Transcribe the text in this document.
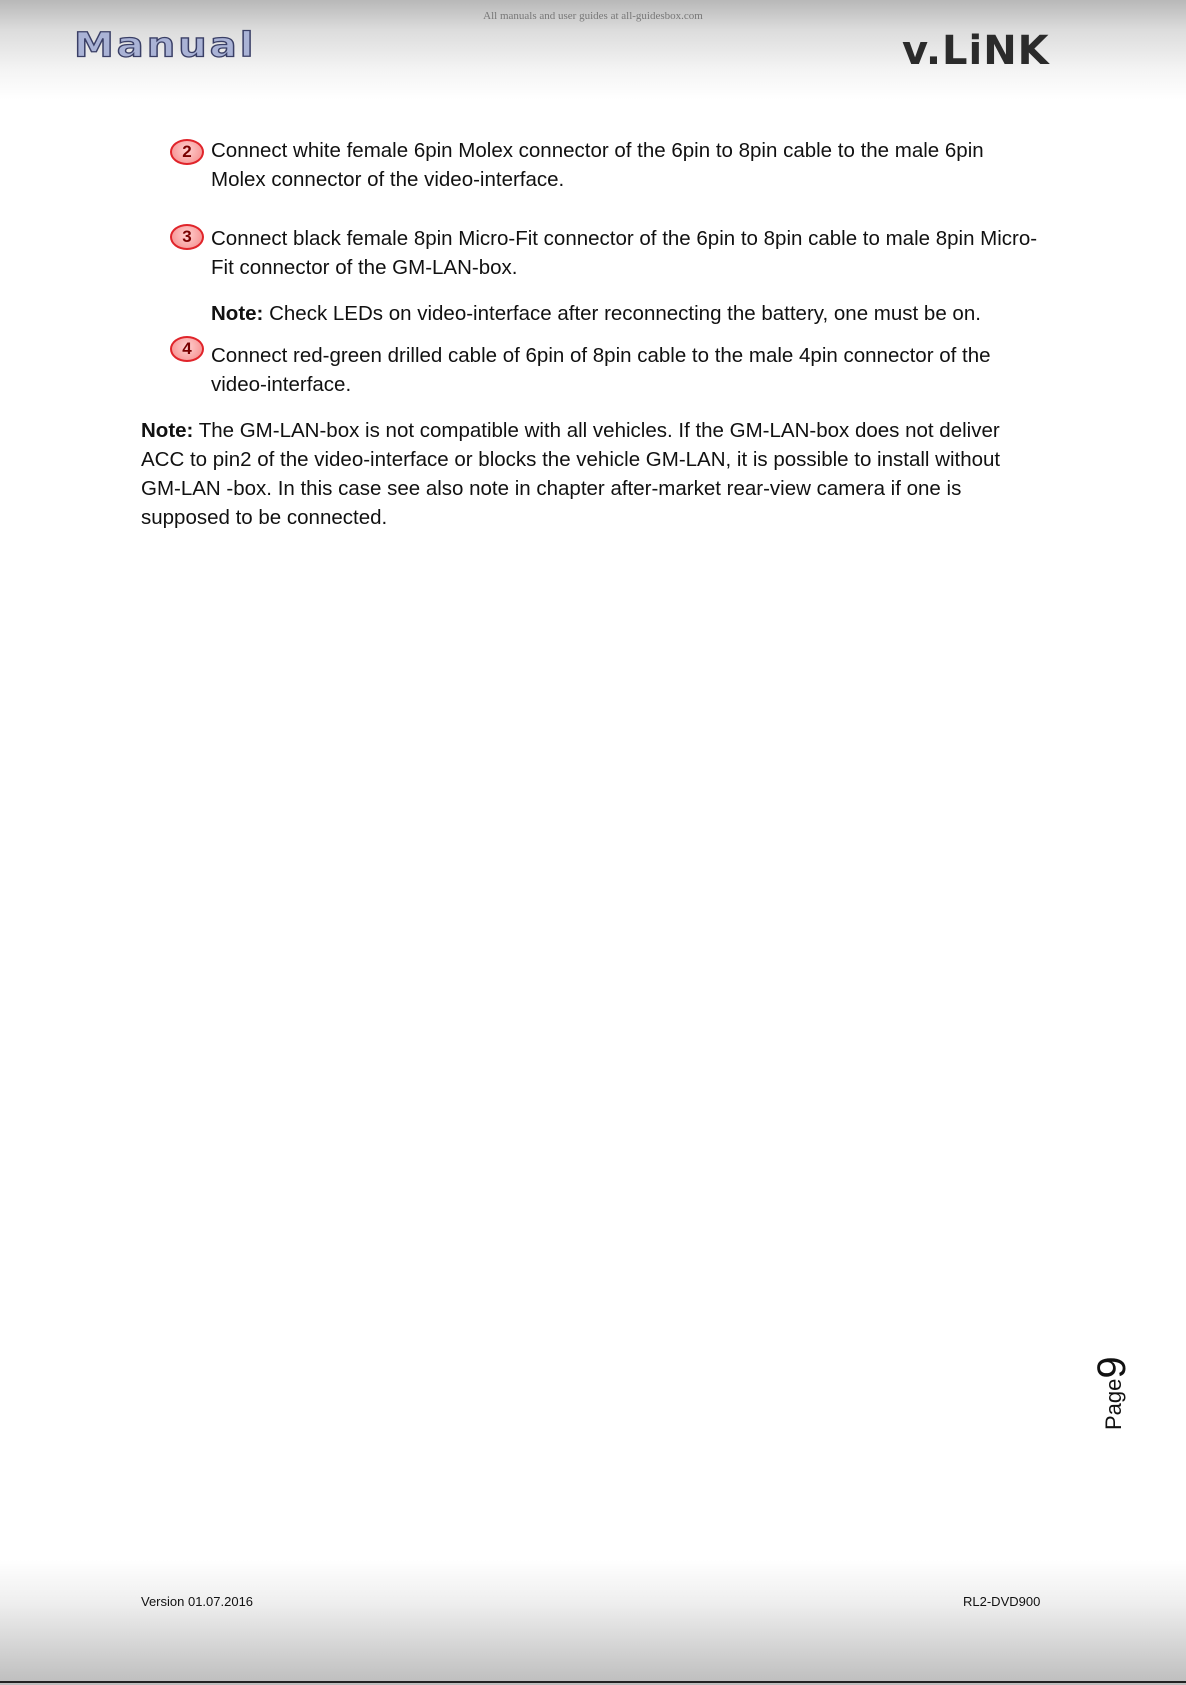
All manuals and user guides at all-guidesbox.com
Manual	v.LiNK
2 Connect white female 6pin Molex connector of the 6pin to 8pin cable to the male 6pin Molex connector of the video-interface.
3 Connect black female 8pin Micro-Fit connector of the 6pin to 8pin cable to male 8pin Micro-Fit connector of the GM-LAN-box.
Note: Check LEDs on video-interface after reconnecting the battery, one must be on.
4 Connect red-green drilled cable of 6pin of 8pin cable to the male 4pin connector of the video-interface.
Note: The GM-LAN-box is not compatible with all vehicles. If the GM-LAN-box does not deliver ACC to pin2 of the video-interface or blocks the vehicle GM-LAN, it is possible to install without GM-LAN -box. In this case see also note in chapter after-market rear-view camera if one is supposed to be connected.
Page9
Version 01.07.2016	RL2-DVD900
